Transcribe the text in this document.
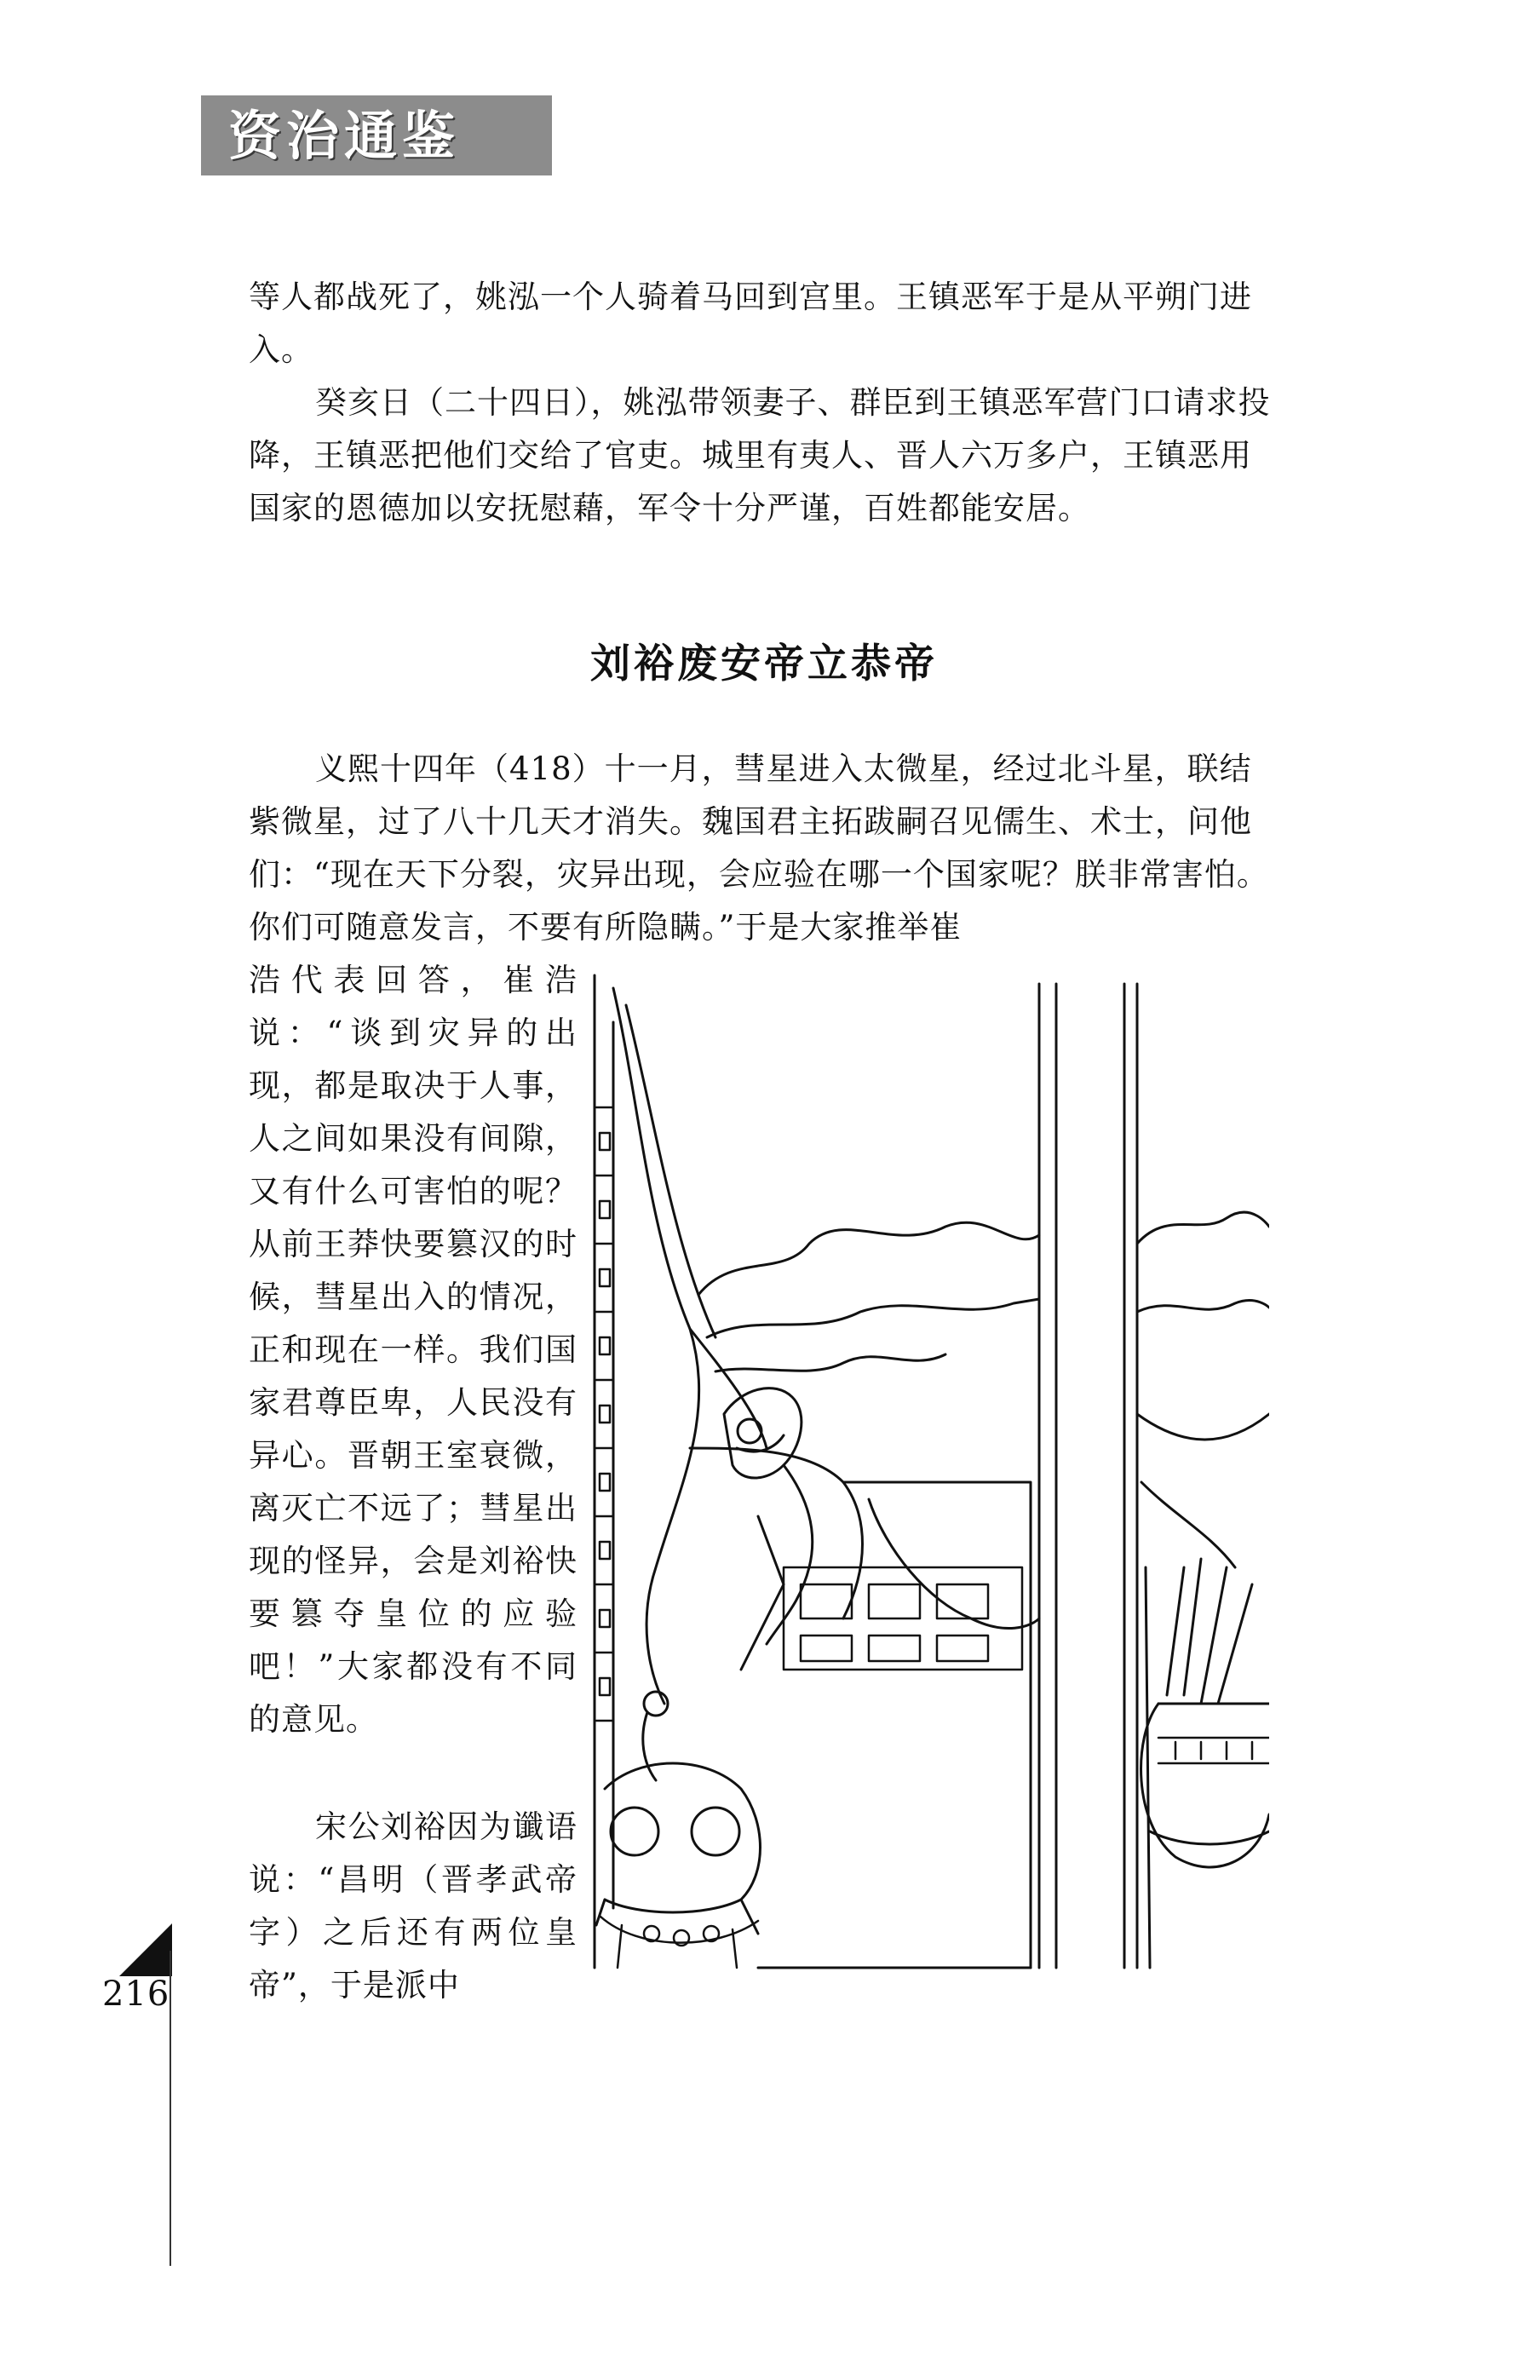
资治通鉴

等人都战死了，姚泓一个人骑着马回到宫里。王镇恶军于是从平朔门进入。

癸亥日（二十四日），姚泓带领妻子、群臣到王镇恶军营门口请求投降，王镇恶把他们交给了官吏。城里有夷人、晋人六万多户，王镇恶用国家的恩德加以安抚慰藉，军令十分严谨，百姓都能安居。

刘裕废安帝立恭帝

义熙十四年（418）十一月，彗星进入太微星，经过北斗星，联结紫微星，过了八十几天才消失。魏国君主拓跋嗣召见儒生、术士，问他们：“现在天下分裂，灾异出现，会应验在哪一个国家呢？朕非常害怕。你们可随意发言，不要有所隐瞒。”于是大家推举崔

浩代表回答，崔浩说：“谈到灾异的出现，都是取决于人事，人之间如果没有间隙，又有什么可害怕的呢？从前王莽快要篡汉的时候，彗星出入的情况，正和现在一样。我们国家君尊臣卑，人民没有异心。晋朝王室衰微，离灭亡不远了；彗星出现的怪异，会是刘裕快要篡夺皇位的应验吧！”大家都没有不同的意见。

宋公刘裕因为谶语说：“昌明（晋孝武帝字）之后还有两位皇帝”，于是派中

216
